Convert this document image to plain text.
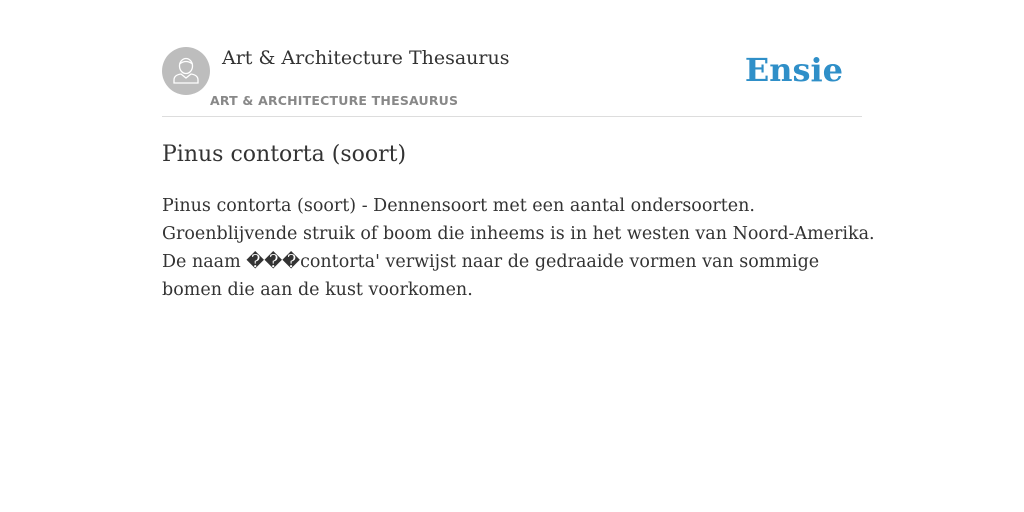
Art & Architecture Thesaurus
ART & ARCHITECTURE THESAURUS
Ensie
Pinus contorta (soort)

Pinus contorta (soort) - Dennensoort met een aantal ondersoorten.
Groenblijvende struik of boom die inheems is in het westen van Noord-Amerika.
De naam ���contorta' verwijst naar de gedraaide vormen van sommige
bomen die aan de kust voorkomen.
